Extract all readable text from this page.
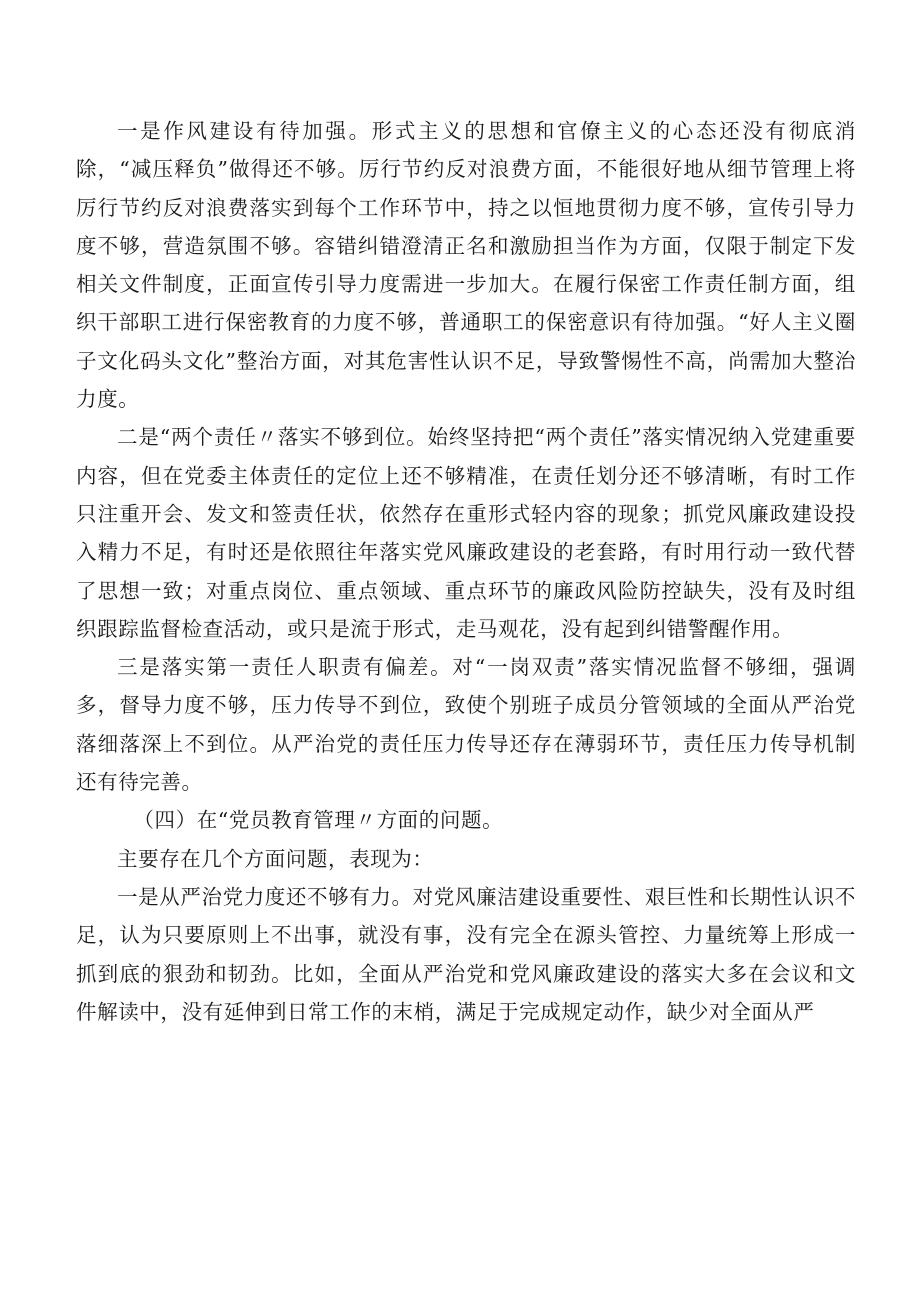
一是作风建设有待加强。形式主义的思想和官僚主义的心态还没有彻底消除，“减压释负”做得还不够。厉行节约反对浪费方面，不能很好地从细节管理上将厉行节约反对浪费落实到每个工作环节中，持之以恒地贯彻力度不够，宣传引导力度不够，营造氛围不够。容错纠错澄清正名和激励担当作为方面，仅限于制定下发相关文件制度，正面宣传引导力度需进一步加大。在履行保密工作责任制方面，组织干部职工进行保密教育的力度不够，普通职工的保密意识有待加强。“好人主义圈子文化码头文化”整治方面，对其危害性认识不足，导致警惕性不高，尚需加大整治力度。

二是“两个责任〃落实不够到位。始终坚持把“两个责任”落实情况纳入党建重要内容，但在党委主体责任的定位上还不够精准，在责任划分还不够清晰，有时工作只注重开会、发文和签责任状，依然存在重形式轻内容的现象；抓党风廉政建设投入精力不足，有时还是依照往年落实党风廉政建设的老套路，有时用行动一致代替了思想一致；对重点岗位、重点领域、重点环节的廉政风险防控缺失，没有及时组织跟踪监督检查活动，或只是流于形式，走马观花，没有起到纠错警醒作用。

三是落实第一责任人职责有偏差。对“一岗双责”落实情况监督不够细，强调多，督导力度不够，压力传导不到位，致使个别班子成员分管领域的全面从严治党落细落深上不到位。从严治党的责任压力传导还存在薄弱环节，责任压力传导机制还有待完善。

（四）在“党员教育管理〃方面的问题。

主要存在几个方面问题，表现为：

一是从严治党力度还不够有力。对党风廉洁建设重要性、艰巨性和长期性认识不足，认为只要原则上不出事，就没有事，没有完全在源头管控、力量统筹上形成一抓到底的狠劲和韧劲。比如，全面从严治党和党风廉政建设的落实大多在会议和文件解读中，没有延伸到日常工作的末梢，满足于完成规定动作，缺少对全面从严
